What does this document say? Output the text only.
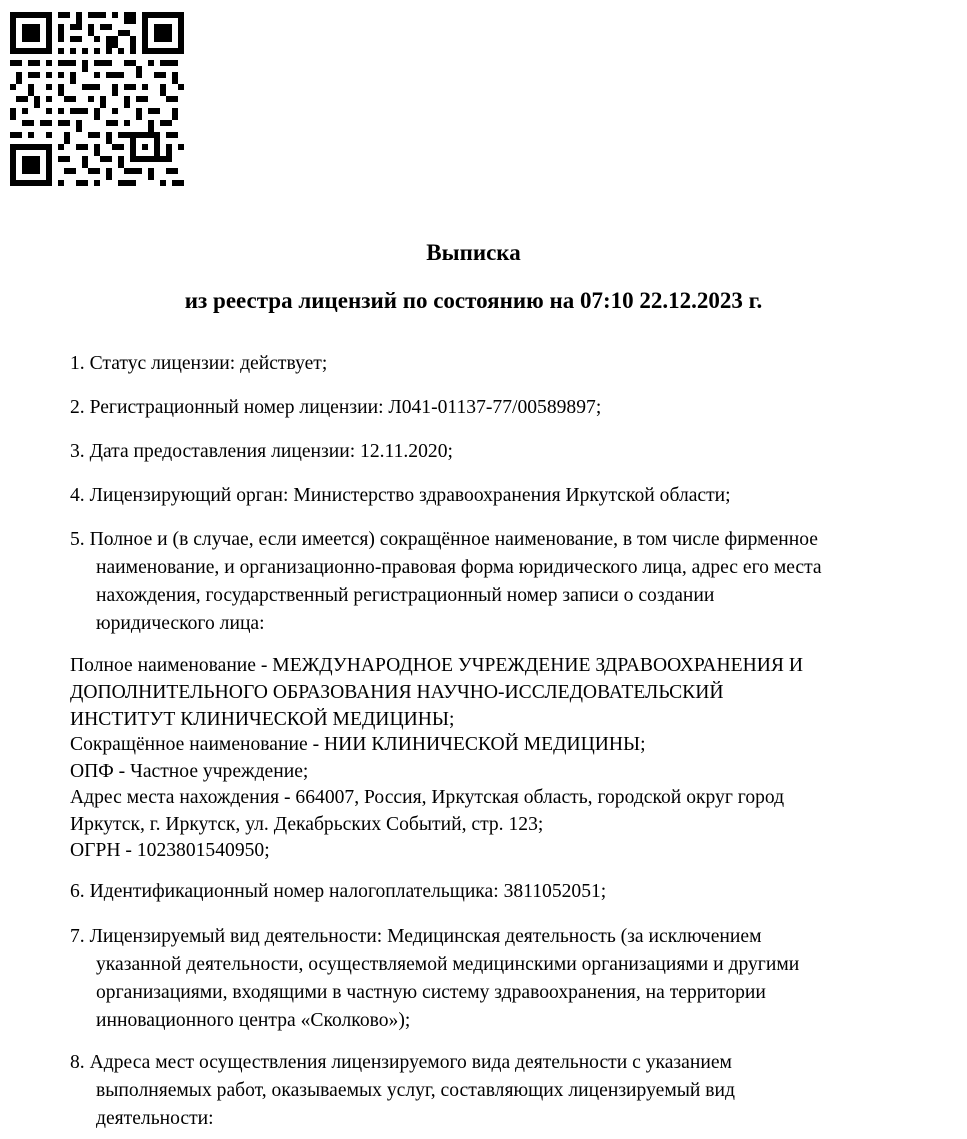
Выписка
из реестра лицензий по состоянию на 07:10 22.12.2023 г.
1. Статус лицензии: действует;
2. Регистрационный номер лицензии: Л041-01137-77/00589897;
3. Дата предоставления лицензии: 12.11.2020;
4. Лицензирующий орган: Министерство здравоохранения Иркутской области;
5. Полное и (в случае, если имеется) сокращённое наименование, в том числе фирменное
наименование, и организационно-правовая форма юридического лица, адрес его места
нахождения, государственный регистрационный номер записи о создании
юридического лица:
Полное наименование - МЕЖДУНАРОДНОЕ УЧРЕЖДЕНИЕ ЗДРАВООХРАНЕНИЯ И
ДОПОЛНИТЕЛЬНОГО ОБРАЗОВАНИЯ НАУЧНО-ИССЛЕДОВАТЕЛЬСКИЙ
ИНСТИТУТ КЛИНИЧЕСКОЙ МЕДИЦИНЫ;
Сокращённое наименование - НИИ КЛИНИЧЕСКОЙ МЕДИЦИНЫ;
ОПФ - Частное учреждение;
Адрес места нахождения - 664007, Россия, Иркутская область, городской округ город
Иркутск, г. Иркутск, ул. Декабрьских Событий, стр. 123;
ОГРН - 1023801540950;
6. Идентификационный номер налогоплательщика: 3811052051;
7. Лицензируемый вид деятельности: Медицинская деятельность (за исключением
указанной деятельности, осуществляемой медицинскими организациями и другими
организациями, входящими в частную систему здравоохранения, на территории
инновационного центра «Сколково»);
8. Адреса мест осуществления лицензируемого вида деятельности с указанием
выполняемых работ, оказываемых услуг, составляющих лицензируемый вид
деятельности:
